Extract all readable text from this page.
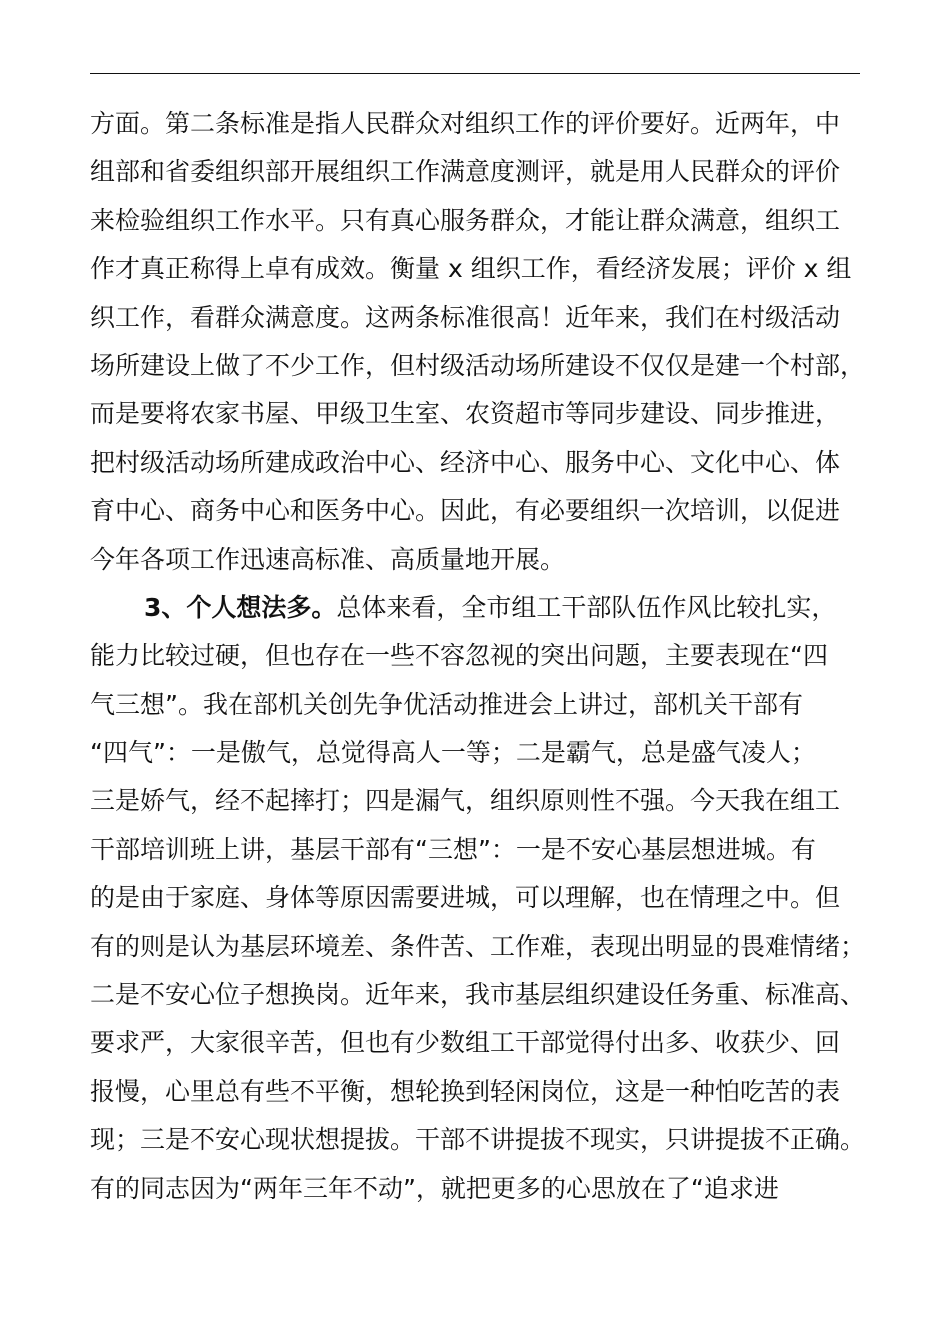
方面。第二条标准是指人民群众对组织工作的评价要好。近两年，中
组部和省委组织部开展组织工作满意度测评，就是用人民群众的评价
来检验组织工作水平。只有真心服务群众，才能让群众满意，组织工
作才真正称得上卓有成效。衡量 x 组织工作，看经济发展；评价 x 组
织工作，看群众满意度。这两条标准很高！近年来，我们在村级活动
场所建设上做了不少工作，但村级活动场所建设不仅仅是建一个村部，
而是要将农家书屋、甲级卫生室、农资超市等同步建设、同步推进，
把村级活动场所建成政治中心、经济中心、服务中心、文化中心、体
育中心、商务中心和医务中心。因此，有必要组织一次培训，以促进
今年各项工作迅速高标准、高质量地开展。
3、个人想法多。总体来看，全市组工干部队伍作风比较扎实，
能力比较过硬，但也存在一些不容忽视的突出问题，主要表现在“四
气三想”。我在部机关创先争优活动推进会上讲过，部机关干部有
“四气”：一是傲气，总觉得高人一等；二是霸气，总是盛气凌人；
三是娇气，经不起摔打；四是漏气，组织原则性不强。今天我在组工
干部培训班上讲，基层干部有“三想”：一是不安心基层想进城。有
的是由于家庭、身体等原因需要进城，可以理解，也在情理之中。但
有的则是认为基层环境差、条件苦、工作难，表现出明显的畏难情绪；
二是不安心位子想换岗。近年来，我市基层组织建设任务重、标准高、
要求严，大家很辛苦，但也有少数组工干部觉得付出多、收获少、回
报慢，心里总有些不平衡，想轮换到轻闲岗位，这是一种怕吃苦的表
现；三是不安心现状想提拔。干部不讲提拔不现实，只讲提拔不正确。
有的同志因为“两年三年不动”，就把更多的心思放在了“追求进
